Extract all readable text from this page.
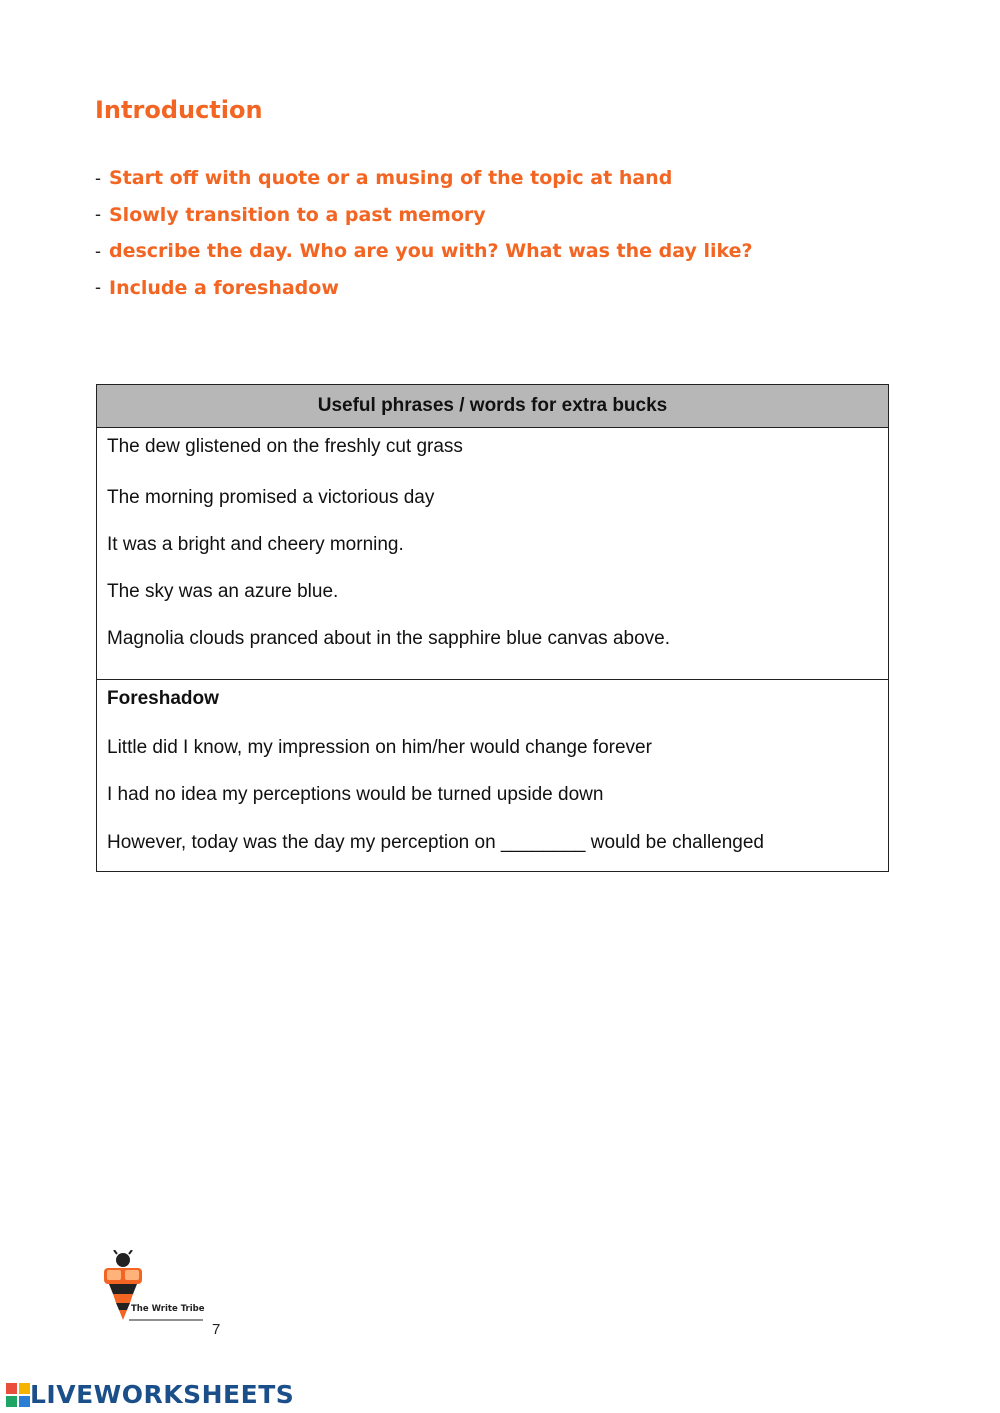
Introduction
- Start off with quote or a musing of the topic at hand
- Slowly transition to a past memory
- describe the day. Who are you with? What was the day like?
- Include a foreshadow
Useful phrases / words for extra bucks
The dew glistened on the freshly cut grass
The morning promised a victorious day
It was a bright and cheery morning.
The sky was an azure blue.
Magnolia clouds pranced about in the sapphire blue canvas above.
Foreshadow
Little did I know, my impression on him/her would change forever
I had no idea my perceptions would be turned upside down
However, today was the day my perception on ________ would be challenged
The Write Tribe
7
LIVEWORKSHEETS
